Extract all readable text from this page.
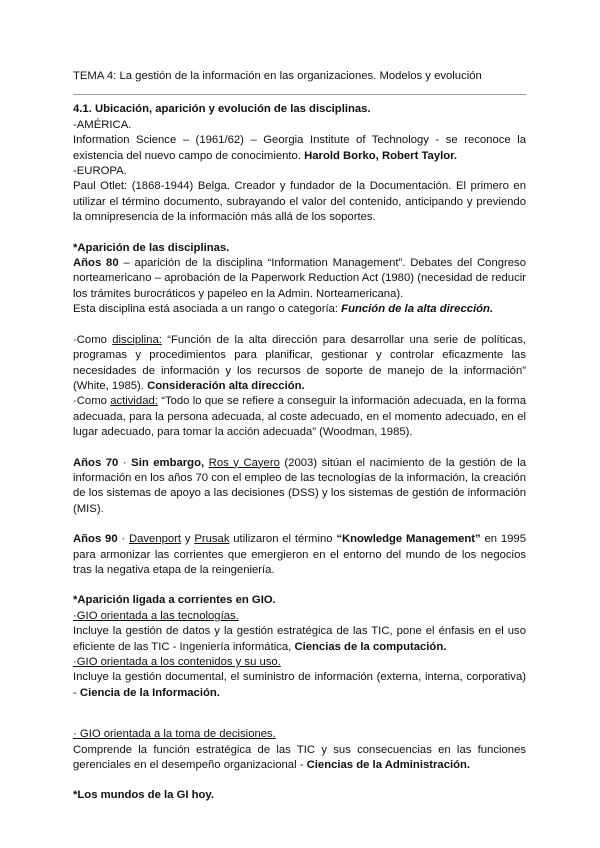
TEMA 4: La gestión de la información en las organizaciones. Modelos y evolución

4.1. Ubicación, aparición y evolución de las disciplinas.

-AMÉRICA.

Information Science – (1961/62) – Georgia Institute of Technology - se reconoce la existencia del nuevo campo de conocimiento. Harold Borko, Robert Taylor.

-EUROPA.

Paul Otlet: (1868-1944) Belga. Creador y fundador de la Documentación. El primero en utilizar el término documento, subrayando el valor del contenido, anticipando y previendo la omnipresencia de la información más allá de los soportes.

*Aparición de las disciplinas.

Años 80 – aparición de la disciplina “Information Management”. Debates del Congreso norteamericano – aprobación de la Paperwork Reduction Act (1980) (necesidad de reducir los trámites burocráticos y papeleo en la Admin. Norteamericana).

Esta disciplina está asociada a un rango o categoría: Función de la alta dirección.

·Como disciplina: “Función de la alta dirección para desarrollar una serie de políticas, programas y procedimientos para planificar, gestionar y controlar eficazmente las necesidades de información y los recursos de soporte de manejo de la información” (White, 1985). Consideración alta dirección.

·Como actividad: “Todo lo que se refiere a conseguir la información adecuada, en la forma adecuada, para la persona adecuada, al coste adecuado, en el momento adecuado, en el lugar adecuado, para tomar la acción adecuada” (Woodman, 1985).

Años 70 · Sin embargo, Ros y Cayero (2003) sitúan el nacimiento de la gestión de la información en los años 70 con el empleo de las tecnologías de la información, la creación de los sistemas de apoyo a las decisiones (DSS) y los sistemas de gestión de información (MIS).

Años 90 · Davenport y Prusak utilizaron el término “Knowledge Management” en 1995 para armonizar las corrientes que emergieron en el entorno del mundo de los negocios tras la negativa etapa de la reingeniería.

*Aparición ligada a corrientes en GIO.

·GIO orientada a las tecnologías.

Incluye la gestión de datos y la gestión estratégica de las TIC, pone el énfasis en el uso eficiente de las TIC - Ingeniería informática, Ciencias de la computación.

·GIO orientada a los contenidos y su uso.

Incluye la gestión documental, el suministro de información (externa, interna, corporativa) - Ciencia de la Información.

· GIO orientada a la toma de decisiones.

Comprende la función estratégica de las TIC y sus consecuencias en las funciones gerenciales en el desempeño organizacional - Ciencias de la Administración.

*Los mundos de la GI hoy.
